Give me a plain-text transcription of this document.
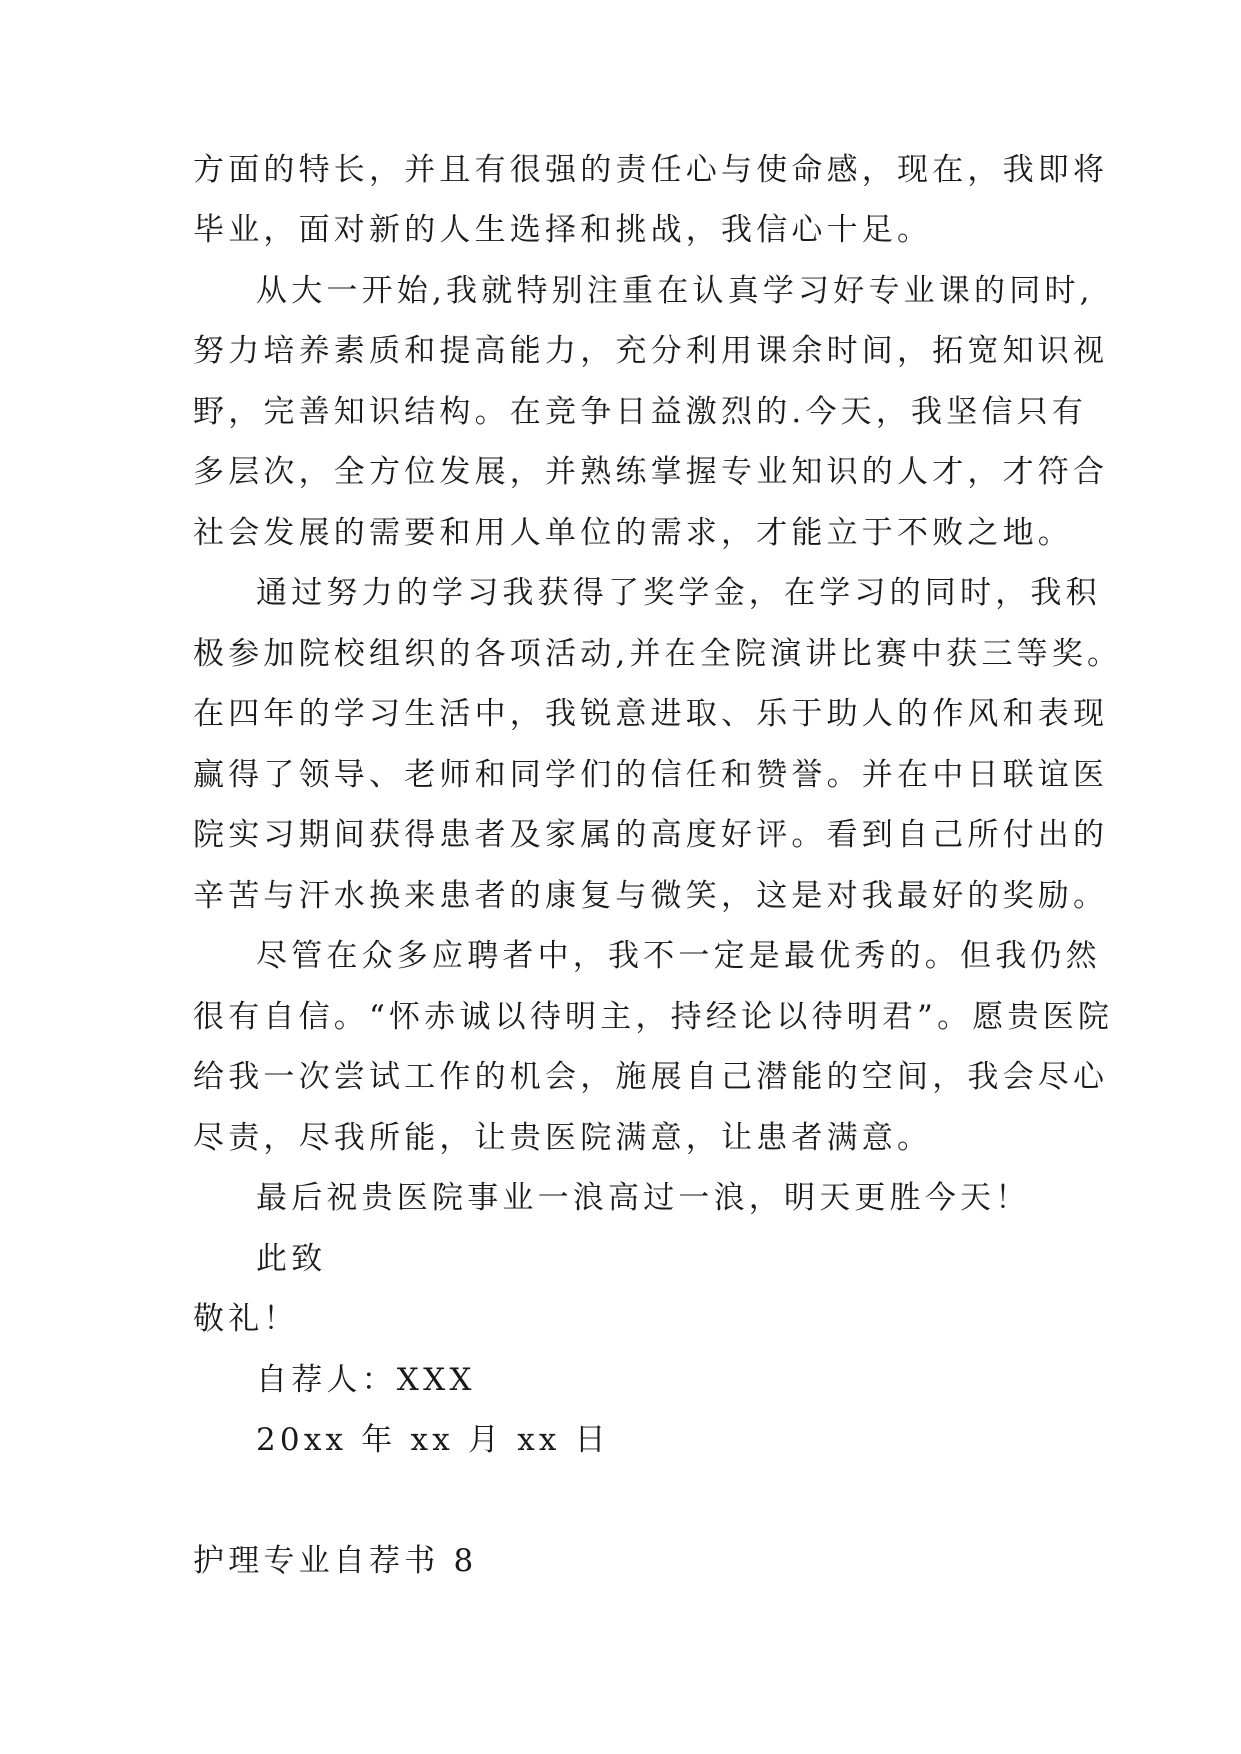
方面的特长，并且有很强的责任心与使命感，现在，我即将
毕业，面对新的人生选择和挑战，我信心十足。
从大一开始,我就特别注重在认真学习好专业课的同时,
努力培养素质和提高能力，充分利用课余时间，拓宽知识视
野，完善知识结构。在竞争日益激烈的.今天，我坚信只有
多层次，全方位发展，并熟练掌握专业知识的人才，才符合
社会发展的需要和用人单位的需求，才能立于不败之地。
通过努力的学习我获得了奖学金，在学习的同时，我积
极参加院校组织的各项活动,并在全院演讲比赛中获三等奖。
在四年的学习生活中，我锐意进取、乐于助人的作风和表现
赢得了领导、老师和同学们的信任和赞誉。并在中日联谊医
院实习期间获得患者及家属的高度好评。看到自己所付出的
辛苦与汗水换来患者的康复与微笑，这是对我最好的奖励。
尽管在众多应聘者中，我不一定是最优秀的。但我仍然
很有自信。“怀赤诚以待明主，持经论以待明君”。愿贵医院
给我一次尝试工作的机会，施展自己潜能的空间，我会尽心
尽责，尽我所能，让贵医院满意，让患者满意。
最后祝贵医院事业一浪高过一浪，明天更胜今天！
此致
敬礼！
自荐人：XXX
20xx 年 xx 月 xx 日
护理专业自荐书 8
